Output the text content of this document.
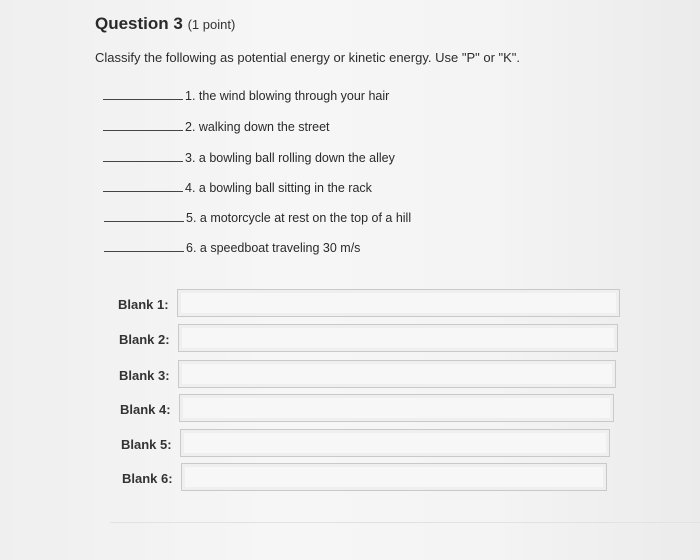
Question 3 (1 point)
Classify the following as potential energy or kinetic energy. Use "P" or "K".
1. the wind blowing through your hair
2. walking down the street
3. a bowling ball rolling down the alley
4. a bowling ball sitting in the rack
5. a motorcycle at rest on the top of a hill
6. a speedboat traveling 30 m/s
Blank 1:
Blank 2:
Blank 3:
Blank 4:
Blank 5:
Blank 6:
